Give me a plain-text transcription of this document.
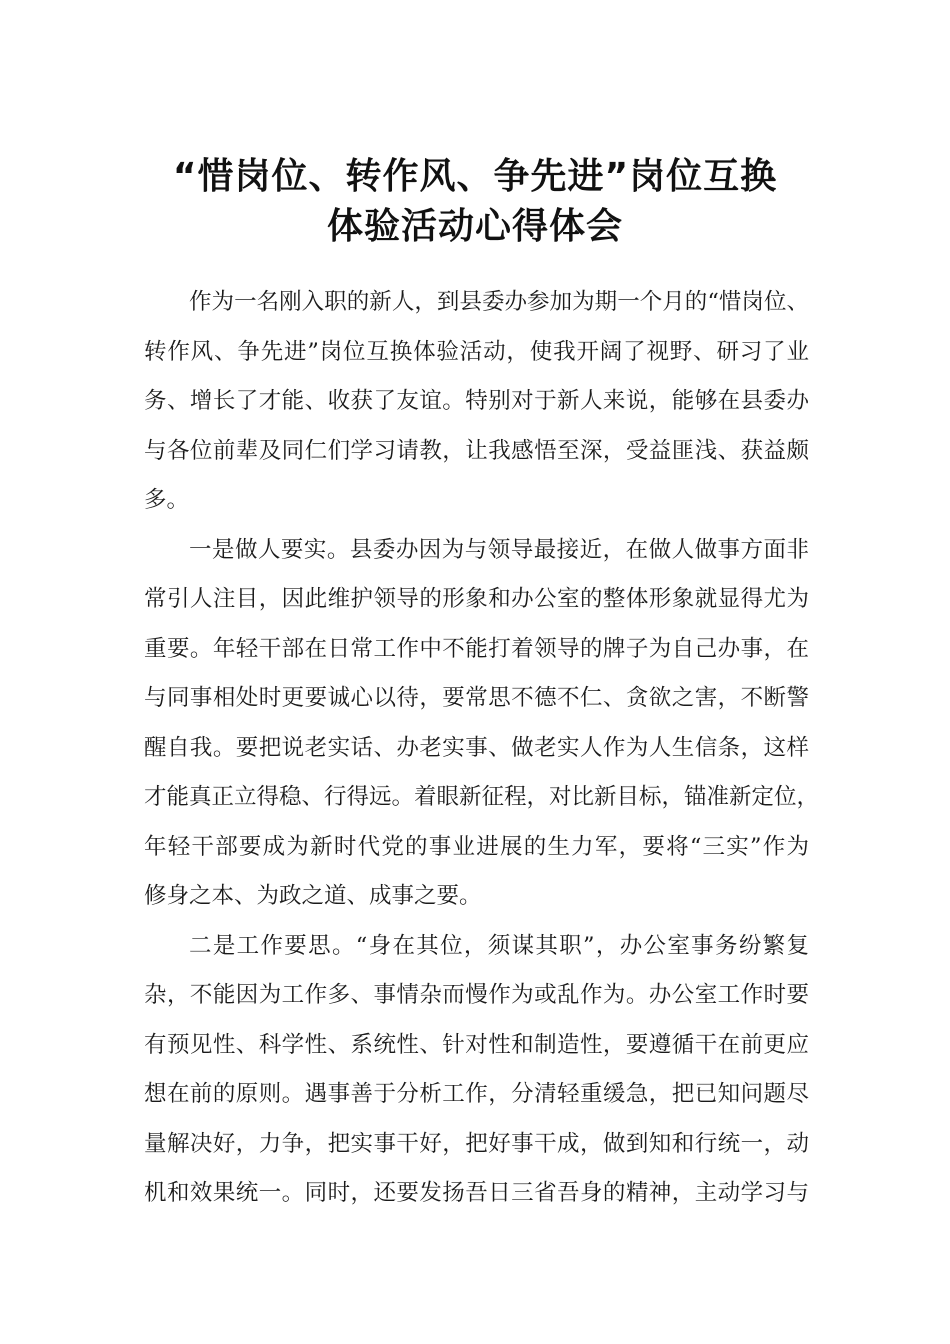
“惜岗位、转作风、争先进”岗位互换
体验活动心得体会
作为一名刚入职的新人，到县委办参加为期一个月的“惜岗位、
转作风、争先进”岗位互换体验活动，使我开阔了视野、研习了业
务、增长了才能、收获了友谊。特别对于新人来说，能够在县委办
与各位前辈及同仁们学习请教，让我感悟至深，受益匪浅、获益颇
多。
一是做人要实。县委办因为与领导最接近，在做人做事方面非
常引人注目，因此维护领导的形象和办公室的整体形象就显得尤为
重要。年轻干部在日常工作中不能打着领导的牌子为自己办事，在
与同事相处时更要诚心以待，要常思不德不仁、贪欲之害，不断警
醒自我。要把说老实话、办老实事、做老实人作为人生信条，这样
才能真正立得稳、行得远。着眼新征程，对比新目标，锚准新定位，
年轻干部要成为新时代党的事业进展的生力军，要将“三实”作为
修身之本、为政之道、成事之要。
二是工作要思。“身在其位，须谋其职”，办公室事务纷繁复
杂，不能因为工作多、事情杂而慢作为或乱作为。办公室工作时要
有预见性、科学性、系统性、针对性和制造性，要遵循干在前更应
想在前的原则。遇事善于分析工作，分清轻重缓急，把已知问题尽
量解决好，力争，把实事干好，把好事干成，做到知和行统一，动
机和效果统一。同时，还要发扬吾日三省吾身的精神，主动学习与
